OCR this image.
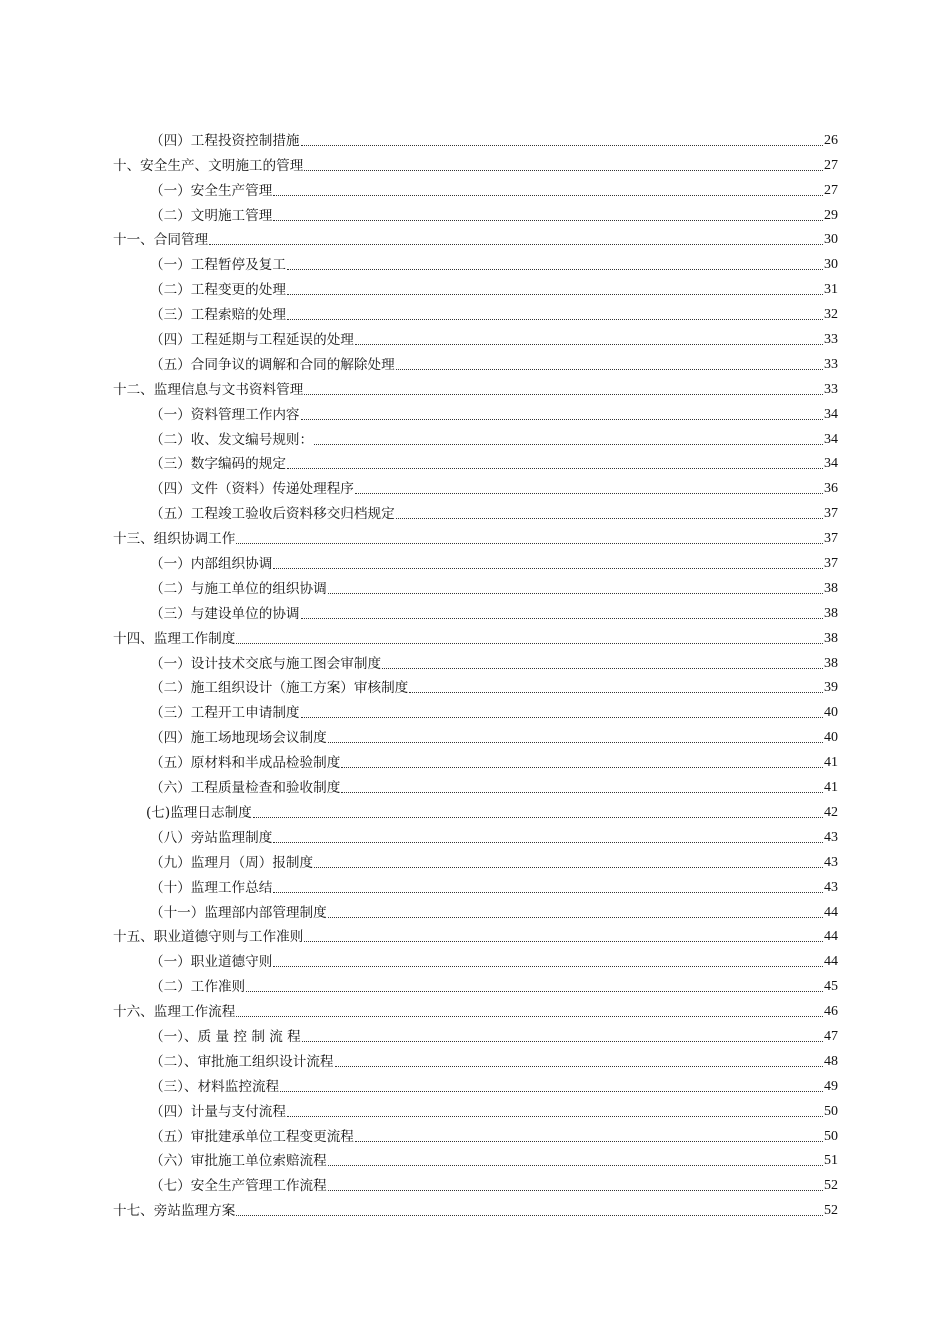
（四）工程投资控制措施	26
十、安全生产、文明施工的管理	27
（一）安全生产管理	27
（二）文明施工管理	29
十一、合同管理	30
（一）工程暂停及复工	30
（二）工程变更的处理	31
（三）工程索赔的处理	32
（四）工程延期与工程延误的处理	33
（五）合同争议的调解和合同的解除处理	33
十二、监理信息与文书资料管理	33
（一）资料管理工作内容	34
（二）收、发文编号规则：	34
（三）数字编码的规定	34
（四）文件（资料）传递处理程序	36
（五）工程竣工验收后资料移交归档规定	37
十三、组织协调工作	37
（一）内部组织协调	37
（二）与施工单位的组织协调	38
（三）与建设单位的协调	38
十四、监理工作制度	38
（一）设计技术交底与施工图会审制度	38
（二）施工组织设计（施工方案）审核制度	39
（三）工程开工申请制度	40
（四）施工场地现场会议制度	40
（五）原材料和半成品检验制度	41
（六）工程质量检查和验收制度	41
(七)监理日志制度	42
（八）旁站监理制度	43
（九）监理月（周）报制度	43
（十）监理工作总结	43
（十一）监理部内部管理制度	44
十五、职业道德守则与工作准则	44
（一）职业道德守则	44
（二）工作准则	45
十六、监理工作流程	46
（一）、质 量 控 制 流 程	47
（二）、审批施工组织设计流程	48
（三）、材料监控流程	49
（四）计量与支付流程	50
（五）审批建承单位工程变更流程	50
（六）审批施工单位索赔流程	51
（七）安全生产管理工作流程	52
十七、旁站监理方案	52
